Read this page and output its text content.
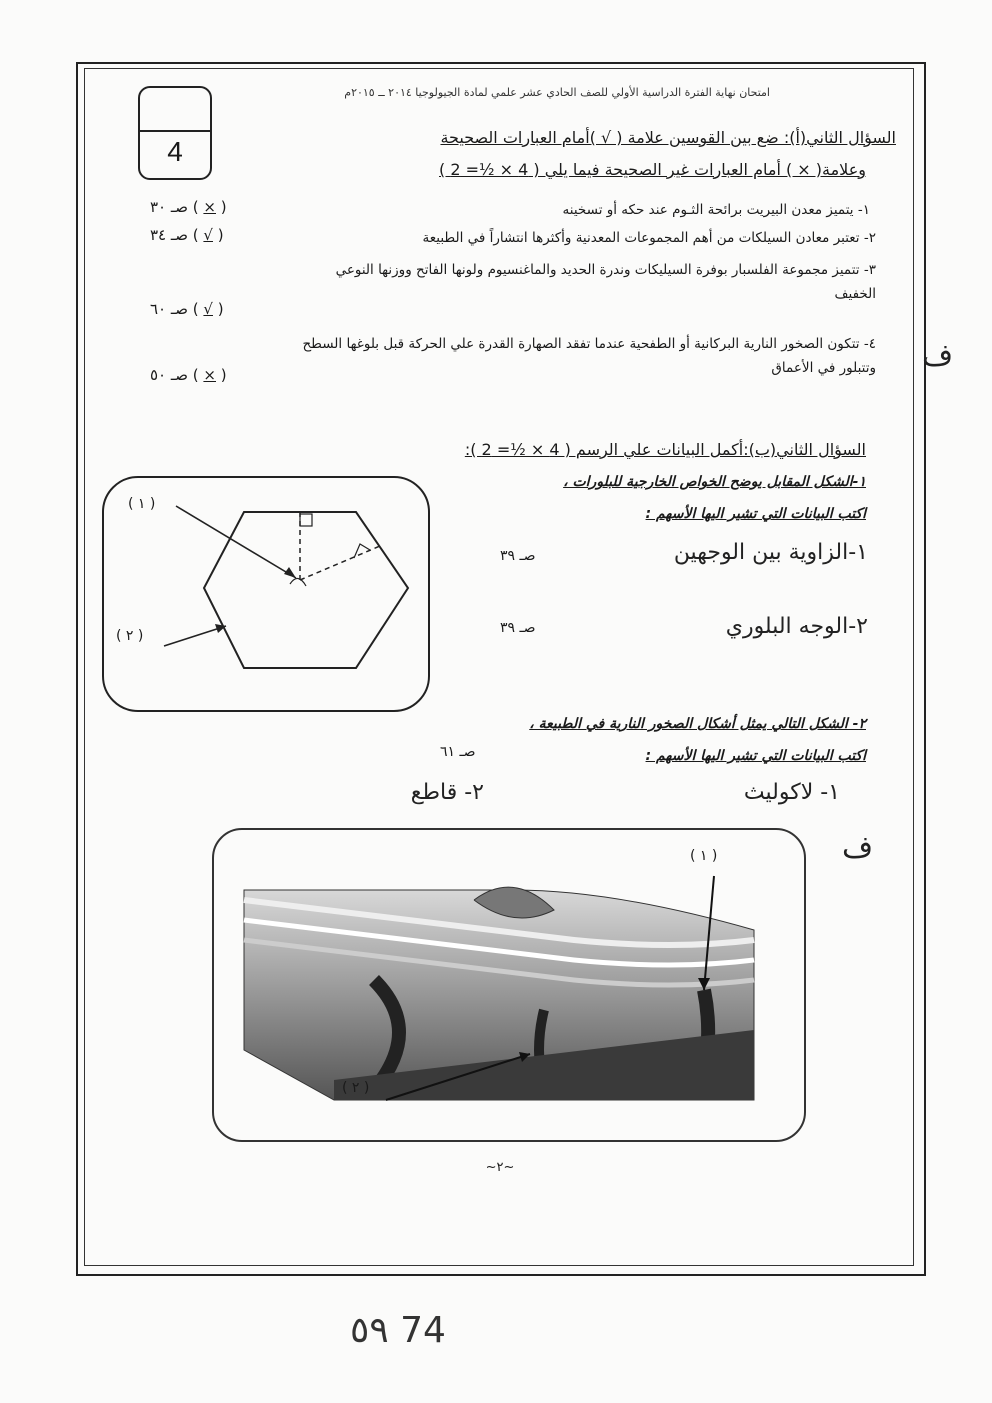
امتحان نهاية الفترة الدراسية الأولي للصف الحادي عشر علمي لمادة الجيولوجيا ٢٠١٤ ــ ٢٠١٥م
4	السؤال الثاني(أ): ضع بين القوسين علامة ( √ )أمام العبارات الصحيحة
وعلامة( × ) أمام العبارات غير الصحيحة فيما يلي ( 4 × ½= 2 )
١- يتميز معدن البيريت برائحة الثـوم عند حكه أو تسخينه
صـ ٣٠ ( × )
٢- تعتبر معادن السيلكات من أهم المجموعات المعدنية وأكثرها انتشاراً في الطبيعة
صـ ٣٤ ( √ )
٣- تتميز مجموعة الفلسبار بوفرة السيليكات وندرة الحديد والماغنسيوم ولونها الفاتح ووزنها النوعي الخفيف
صـ ٦٠ ( √ )
٤- تتكون الصخور النارية البركانية أو الطفحية عندما تفقد الصهارة القدرة علي الحركة قبل بلوغها السطح وتتبلور في الأعماق
صـ ٥٠ ( × )
ف
السؤال الثاني(ب):أكمل البيانات علي الرسم ( 4 × ½= 2 ):
١-الشكل المقابل يوضح الخواص الخارجية للبلورات ،
اكتب البيانات التي تشير اليها الأسهم :
( ١ )
( ٢ )
١-الزاوية بين الوجهين
صـ ٣٩
٢-الوجه البلوري
صـ ٣٩
٢- الشكل التالي يمثل أشكال الصخور النارية في الطبيعة ،
اكتب البيانات التي تشير اليها الأسهم :
صـ ٦١
١- لاكوليث
٢- قاطع
ف
( ١ )
( ٢ )
~٢~
٥٩ 74
